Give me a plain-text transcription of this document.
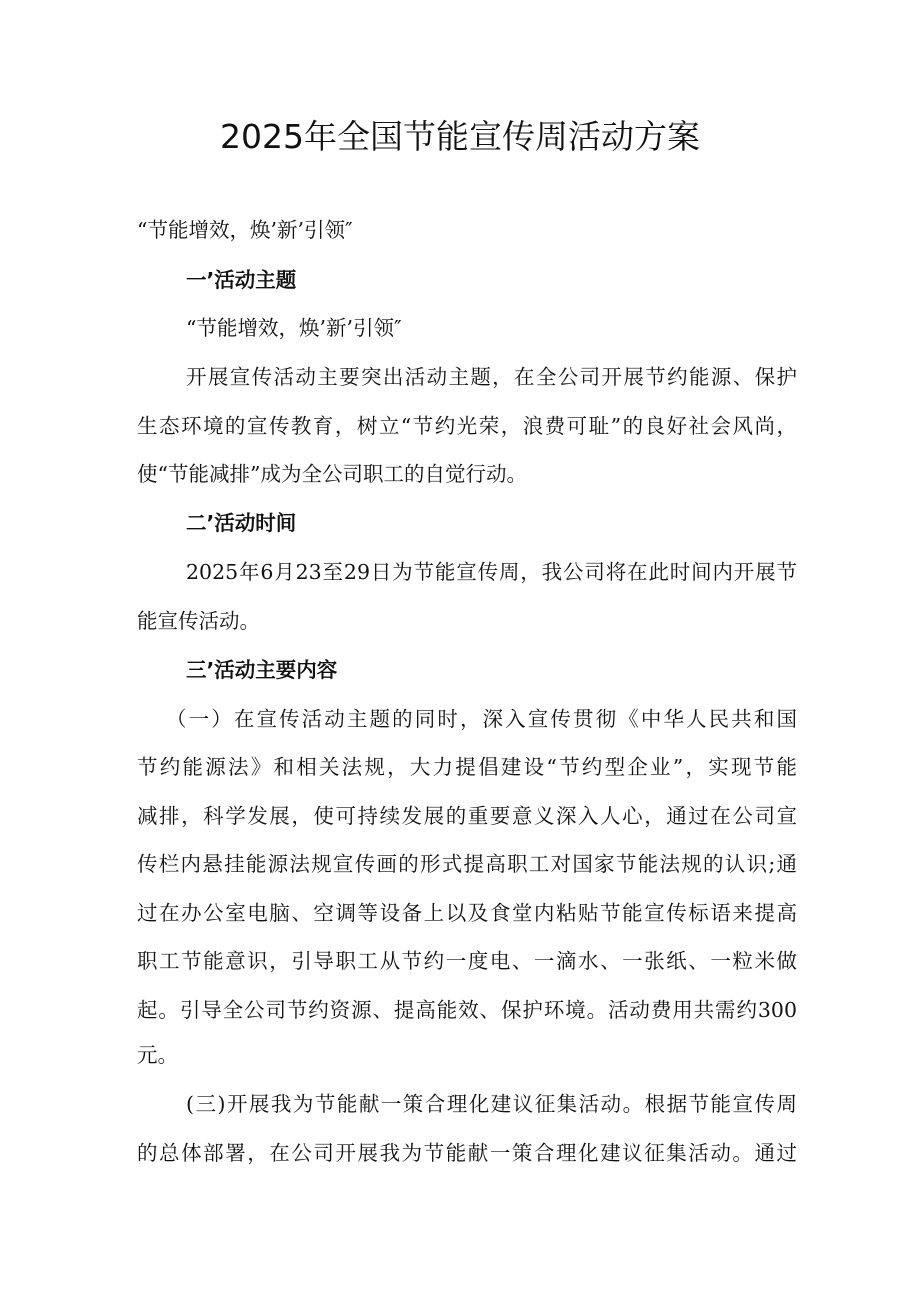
2025年全国节能宣传周活动方案
“节能增效，焕’新’引领″
一’活动主题
“节能增效，焕’新’引领″
开展宣传活动主要突出活动主题，在全公司开展节约能源、保护
生态环境的宣传教育，树立“节约光荣，浪费可耻”的良好社会风尚，
使“节能减排”成为全公司职工的自觉行动。
二’活动时间
2025年6月23至29日为节能宣传周，我公司将在此时间内开展节
能宣传活动。
三’活动主要内容
（一）在宣传活动主题的同时，深入宣传贯彻《中华人民共和国
节约能源法》和相关法规，大力提倡建设“节约型企业”，实现节能
减排，科学发展，使可持续发展的重要意义深入人心，通过在公司宣
传栏内悬挂能源法规宣传画的形式提高职工对国家节能法规的认识;通
过在办公室电脑、空调等设备上以及食堂内粘贴节能宣传标语来提高
职工节能意识，引导职工从节约一度电、一滴水、一张纸、一粒米做
起。引导全公司节约资源、提高能效、保护环境。活动费用共需约300
元。
(三)开展我为节能献一策合理化建议征集活动。根据节能宣传周
的总体部署，在公司开展我为节能献一策合理化建议征集活动。通过
